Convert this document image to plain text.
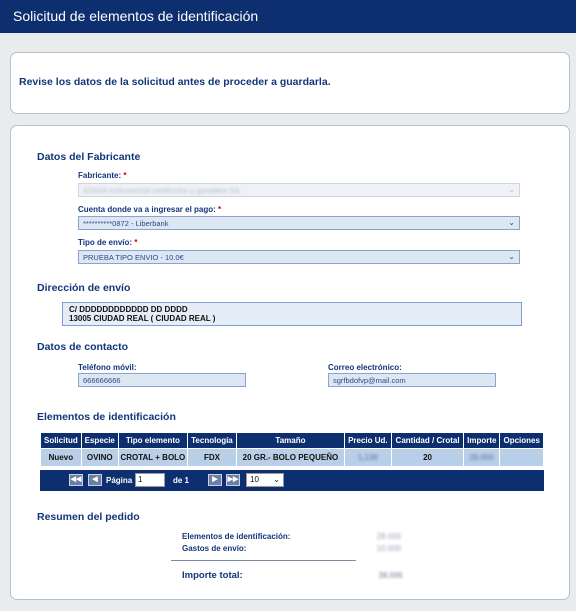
Solicitud de elementos de identificación
Revise los datos de la solicitud antes de proceder a guardarla.
Datos del Fabricante
Fabricante: *
AZASA instrumental zootécnico y ganadero SA	⌄
Cuenta donde va a ingresar el pago: *
**********0872 - Liberbank	⌄
Tipo de envío: *
PRUEBA TIPO ENVIO - 10.0€	⌄
Dirección de envío
C/ DDDDDDDDDDDD DD DDDD
13005 CIUDAD REAL ( CIUDAD REAL )
Datos de contacto
Teléfono móvil:
666666666
Correo electrónico:
sgrfbdofvp@mail.com
Elementos de identificación
Solicitud	Especie	Tipo elemento	Tecnología	Tamaño	Precio Ud.	Cantidad / Crotal	Importe	Opciones
Nuevo	OVINO	CROTAL + BOLO	FDX	20 GR.- BOLO PEQUEÑO	1,138	20	28.000	
◀◀	◀	Página 1	de 1	▶	▶▶	10 ⌄
Resumen del pedido
Elementos de identificación:	28.000
Gastos de envío:	10.000
Importe total:	38.00€
